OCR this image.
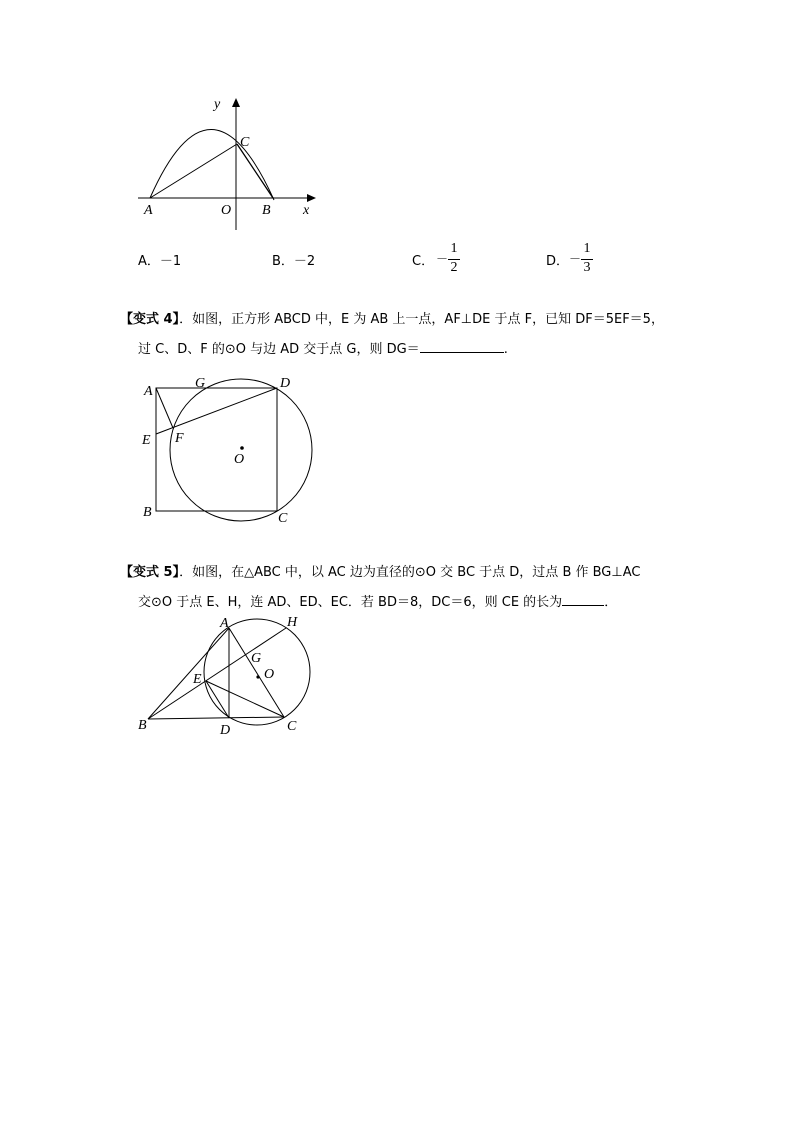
y
C
A	O B x
A．－1	B．－2	C． －
1
2	D． －
1
3
【变式 4】．如图，正方形 ABCD 中，E 为 AB 上一点，AF⊥DE 于点 F，已知 DF＝5EF＝5，
过 C、D、F 的⊙O 与边 AD 交于点 G，则 DG＝	.
A
G	D
E F
O
B	C
【变式 5】．如图，在△ABC 中，以 AC 边为直径的⊙O 交 BC 于点 D，过点 B 作 BG⊥AC
交⊙O 于点 E、H，连 AD、ED、EC．若 BD＝8，DC＝6，则 CE 的长为	．
A	H
G
O
E
B	D	C
